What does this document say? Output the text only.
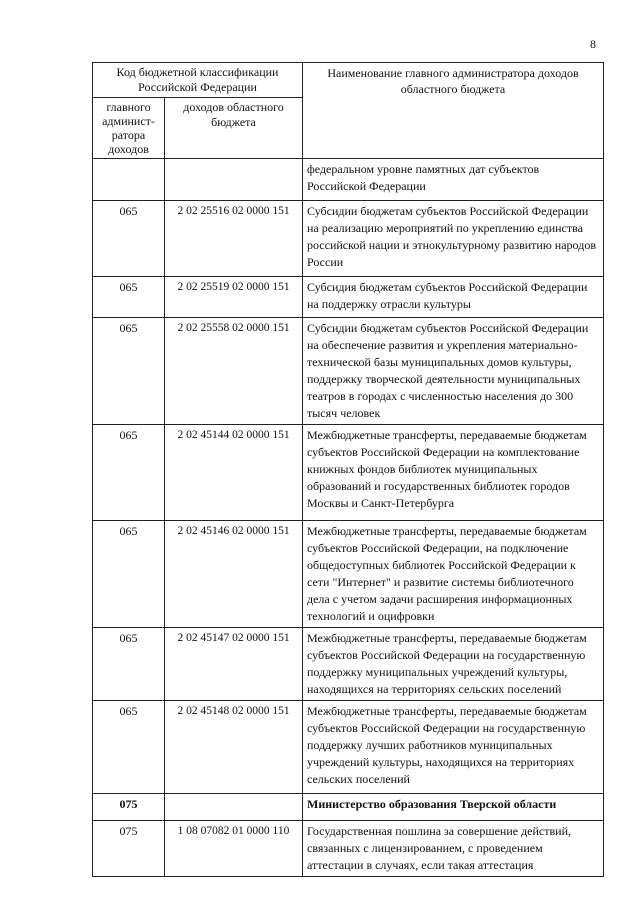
8
Код бюджетной классификации Российской Федерации		Наименование главного администратора доходов областного бюджета
главного админист-ратора доходов	доходов областного бюджета	
		федеральном уровне памятных дат субъектов Российской Федерации
065	2 02 25516 02 0000 151	Субсидии бюджетам субъектов Российской Федерации на реализацию мероприятий по укреплению единства российской нации и этнокультурному развитию народов России
065	2 02 25519 02 0000 151	Субсидия бюджетам субъектов Российской Федерации на поддержку отрасли культуры
065	2 02 25558 02 0000 151	Субсидии бюджетам субъектов Российской Федерации на обеспечение развития и укрепления материально-технической базы муниципальных домов культуры, поддержку творческой деятельности муниципальных театров в городах с численностью населения до 300 тысяч человек
065	2 02 45144 02 0000 151	Межбюджетные трансферты, передаваемые бюджетам субъектов Российской Федерации на комплектование книжных фондов библиотек муниципальных образований и государственных библиотек городов Москвы и Санкт-Петербурга
065	2 02 45146 02 0000 151	Межбюджетные трансферты, передаваемые бюджетам субъектов Российской Федерации, на подключение общедоступных библиотек Российской Федерации к сети "Интернет" и развитие системы библиотечного дела с учетом задачи расширения информационных технологий и оцифровки
065	2 02 45147 02 0000 151	Межбюджетные трансферты, передаваемые бюджетам субъектов Российской Федерации на государственную поддержку муниципальных учреждений культуры, находящихся на территориях сельских поселений
065	2 02 45148 02 0000 151	Межбюджетные трансферты, передаваемые бюджетам субъектов Российской Федерации на государственную поддержку лучших работников муниципальных учреждений культуры, находящихся на территориях сельских поселений
075		Министерство образования Тверской области
075	1 08 07082 01 0000 110	Государственная пошлина за совершение действий, связанных с лицензированием, с проведением аттестации в случаях, если такая аттестация
